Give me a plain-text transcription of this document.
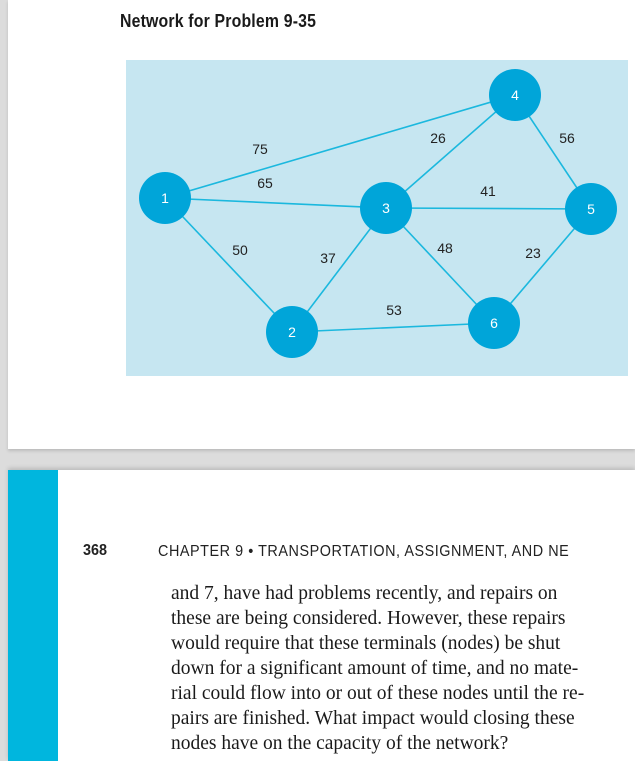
Network for Problem 9-35
75
65
50	37
53
26
41
48
56
23
1
2
3
4
5
6
368	CHAPTER 9 • TRANSPORTATION, ASSIGNMENT, AND NE
and 7, have had problems recently, and repairs on
these are being considered. However, these repairs
would require that these terminals (nodes) be shut
down for a significant amount of time, and no mate-
rial could flow into or out of these nodes until the re-
pairs are finished. What impact would closing these
nodes have on the capacity of the network?
